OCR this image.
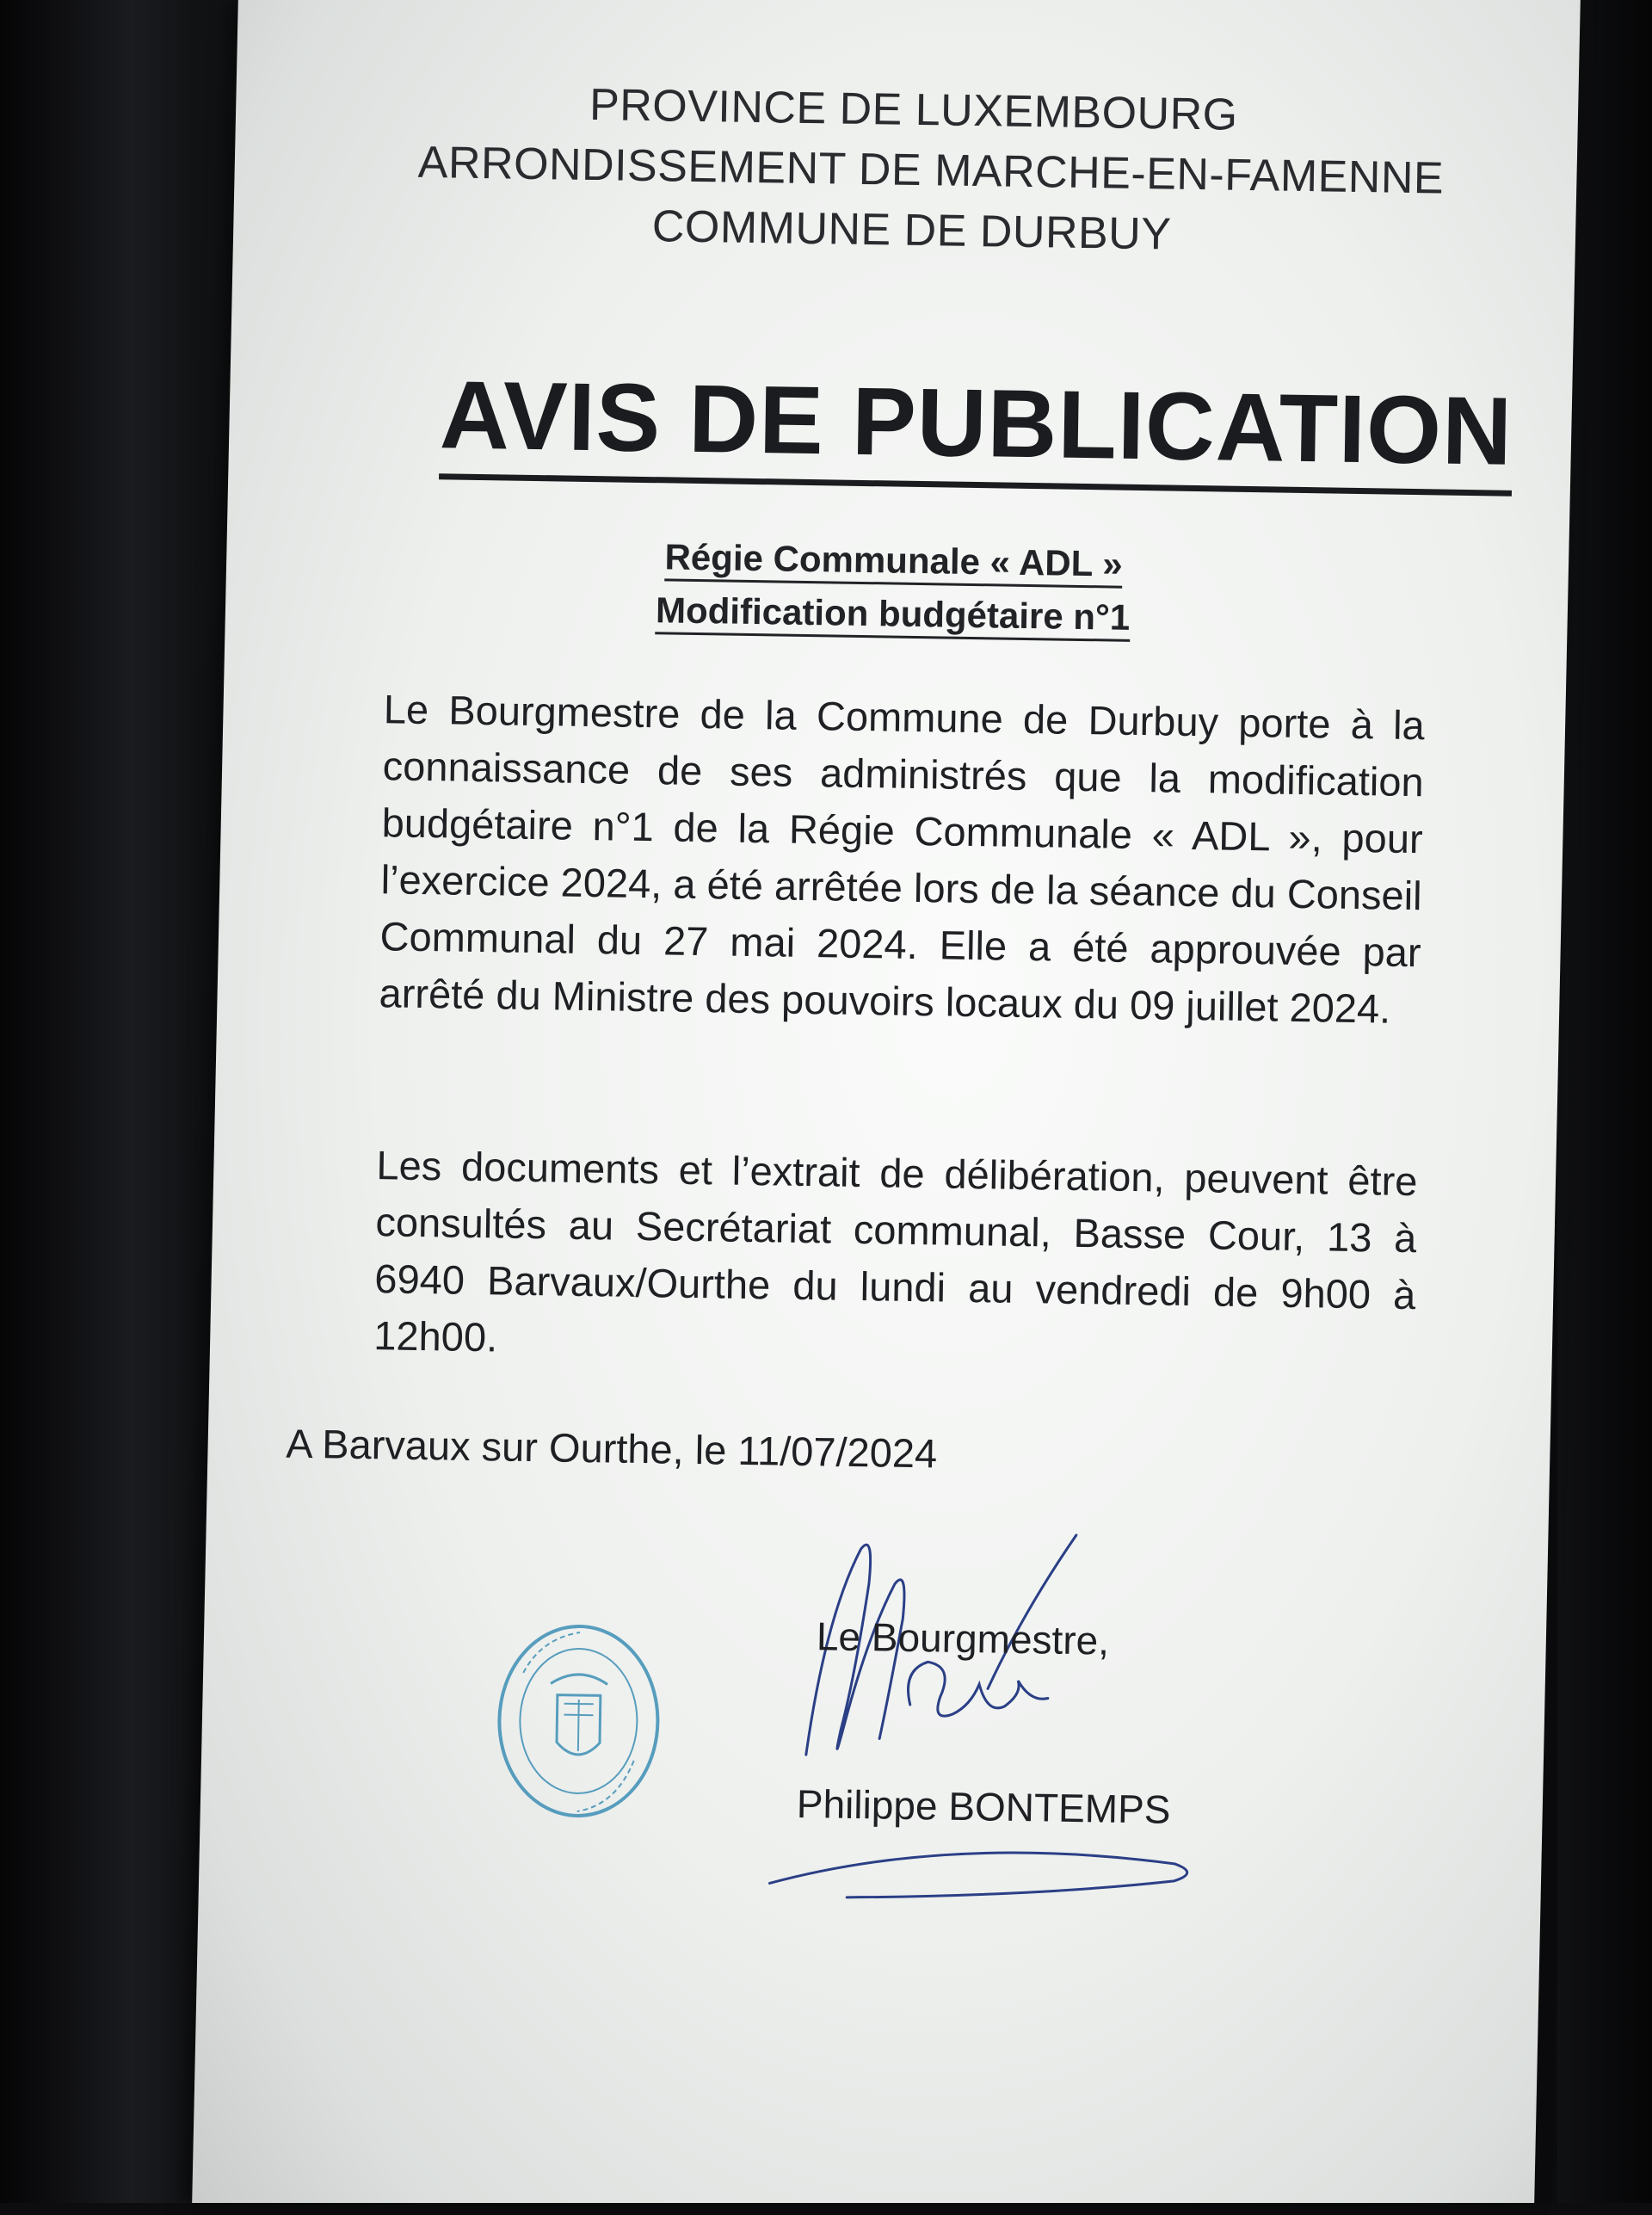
PROVINCE DE LUXEMBOURG
ARRONDISSEMENT DE MARCHE-EN-FAMENNE
COMMUNE DE DURBUY
AVIS DE PUBLICATION
Régie Communale « ADL »
Modification budgétaire n°1
Le Bourgmestre de la Commune de Durbuy porte à la connaissance de ses administrés que la modification budgétaire n°1 de la Régie Communale « ADL », pour l’exercice 2024, a été arrêtée lors de la séance du Conseil Communal du 27 mai 2024. Elle a été approuvée par arrêté du Ministre des pouvoirs locaux du 09 juillet 2024.
Les documents et l’extrait de délibération, peuvent être consultés au Secrétariat communal, Basse Cour, 13 à 6940 Barvaux/Ourthe du lundi au vendredi de 9h00 à 12h00.
A Barvaux sur Ourthe, le 11/07/2024
Le Bourgmestre,
Philippe BONTEMPS
